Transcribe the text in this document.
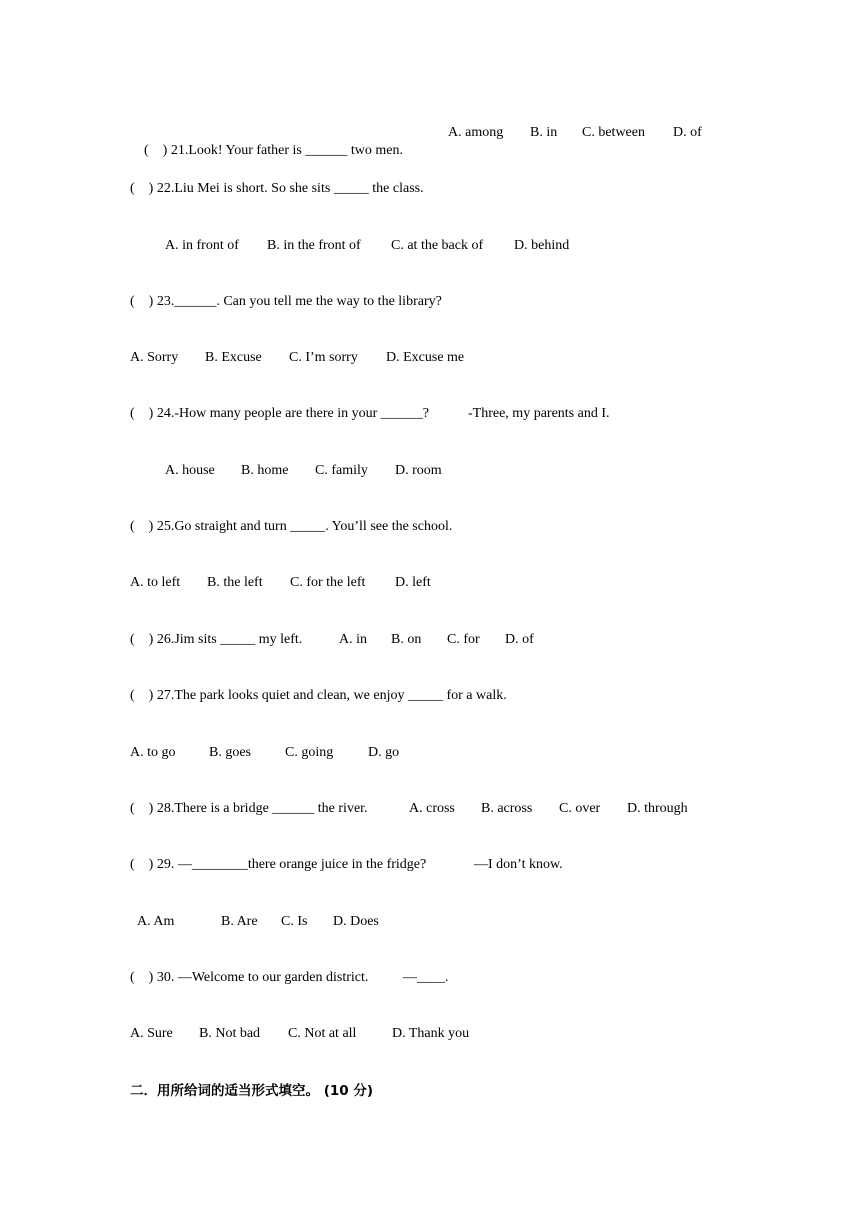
(    ) 21.Look! Your father is ______ two men.

A. among B. in C. between D. of
(    ) 22.Liu Mei is short. So she sits _____ the class.
A. in front of B. in the front of C. at the back of D. behind
(    ) 23.______. Can you tell me the way to the library?
A. Sorry B. Excuse C. I’m sorry D. Excuse me
(    ) 24.-How many people are there in your ______?	-Three, my parents and I.
A. house B. home C. family D. room
(    ) 25.Go straight and turn _____. You’ll see the school.
A. to left B. the left C. for the left D. left
(    ) 26.Jim sits _____ my left.	A. in B. on C. for D. of
(    ) 27.The park looks quiet and clean, we enjoy _____ for a walk.
A. to go B. goes C. going D. go
(    ) 28.There is a bridge ______ the river.	A. cross B. across C. over D. through
(    ) 29. —________there orange juice in the fridge?	—I don’t know.
A. Am	B. Are C. Is D. Does
(    ) 30. —Welcome to our garden district. —____.
A. Sure B. Not bad C. Not at all	D. Thank you
二．用所给词的适当形式填空。 (10 分)
